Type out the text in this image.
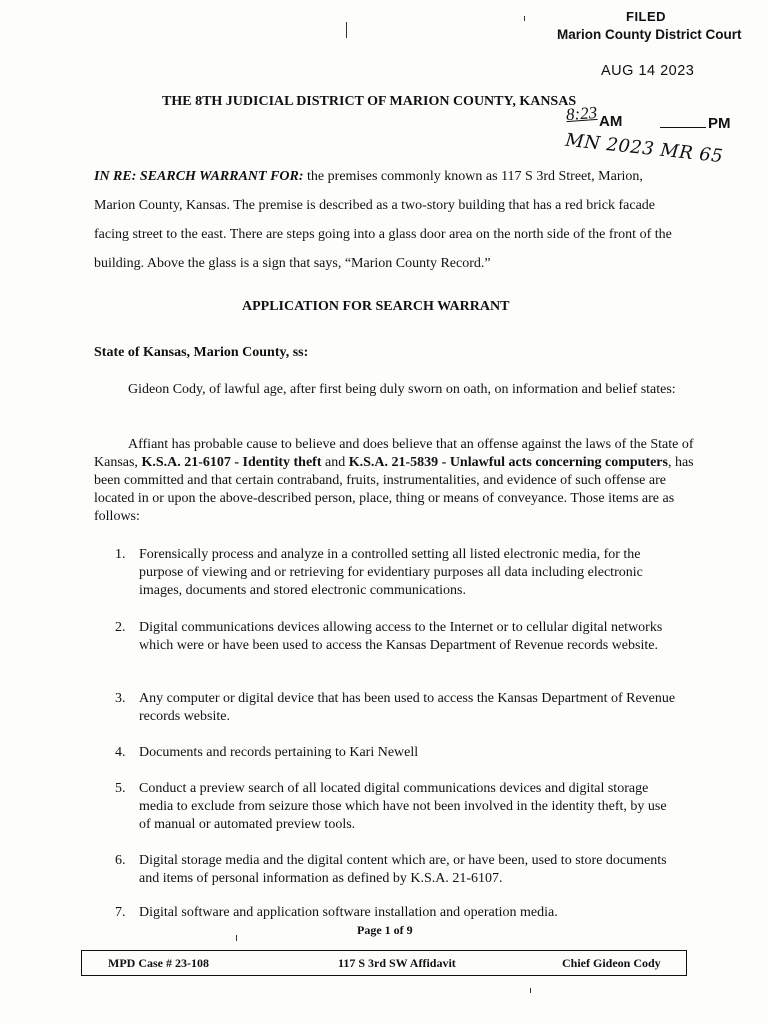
FILED
Marion County District Court
AUG 14 2023
8:23 AM	PM
MN 2023 MR 65
THE 8TH JUDICIAL DISTRICT OF MARION COUNTY, KANSAS
IN RE: SEARCH WARRANT FOR: the premises commonly known as 117 S 3rd Street, Marion, Marion County, Kansas. The premise is described as a two-story building that has a red brick facade facing street to the east. There are steps going into a glass door area on the north side of the front of the building. Above the glass is a sign that says, “Marion County Record.”
APPLICATION FOR SEARCH WARRANT
State of Kansas, Marion County, ss:
Gideon Cody, of lawful age, after first being duly sworn on oath, on information and belief states:
Affiant has probable cause to believe and does believe that an offense against the laws of the State of Kansas, K.S.A. 21-6107 - Identity theft and K.S.A. 21-5839 - Unlawful acts concerning computers, has been committed and that certain contraband, fruits, instrumentalities, and evidence of such offense are located in or upon the above-described person, place, thing or means of conveyance. Those items are as follows:
1. Forensically process and analyze in a controlled setting all listed electronic media, for the purpose of viewing and or retrieving for evidentiary purposes all data including electronic images, documents and stored electronic communications.
2. Digital communications devices allowing access to the Internet or to cellular digital networks which were or have been used to access the Kansas Department of Revenue records website.
3. Any computer or digital device that has been used to access the Kansas Department of Revenue records website.
4. Documents and records pertaining to Kari Newell
5. Conduct a preview search of all located digital communications devices and digital storage media to exclude from seizure those which have not been involved in the identity theft, by use of manual or automated preview tools.
6. Digital storage media and the digital content which are, or have been, used to store documents and items of personal information as defined by K.S.A. 21-6107.
7. Digital software and application software installation and operation media.
Page 1 of 9
MPD Case # 23-108	117 S 3rd SW Affidavit	Chief Gideon Cody
